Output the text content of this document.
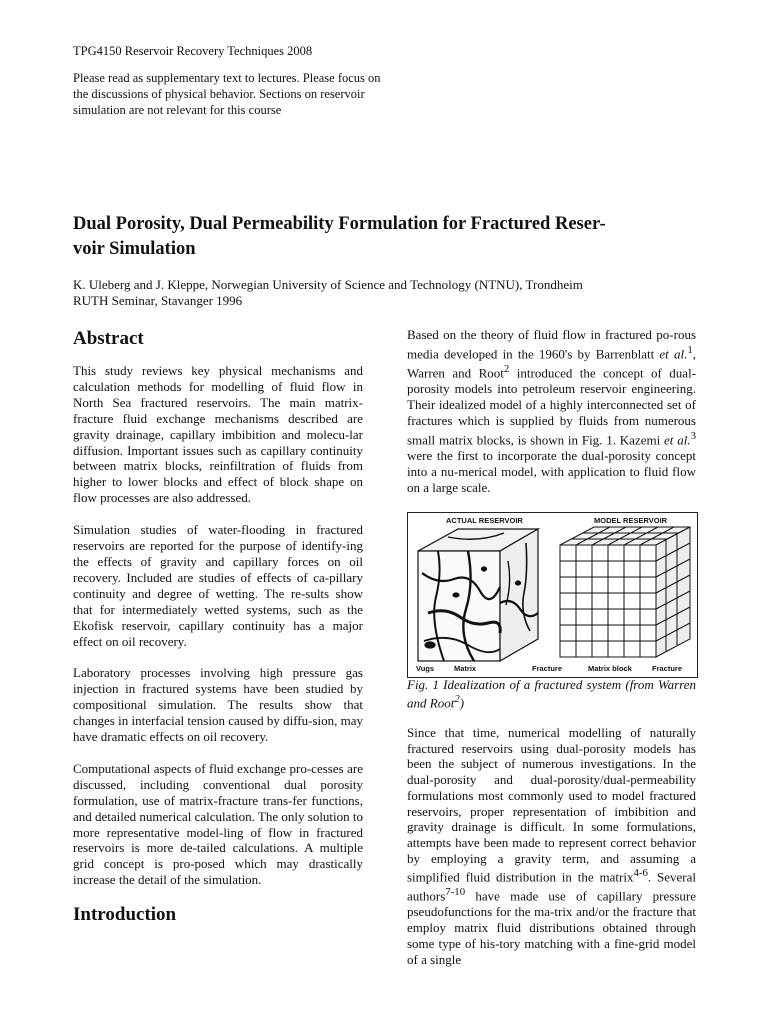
TPG4150 Reservoir Recovery Techniques 2008
Please read as supplementary text to lectures. Please focus on
the discussions of physical behavior. Sections on reservoir
simulation are not relevant for this course
Dual Porosity, Dual Permeability Formulation for Fractured Reser-
voir Simulation
K. Uleberg and J. Kleppe, Norwegian University of Science and Technology (NTNU), Trondheim
RUTH Seminar, Stavanger 1996
Abstract

This study reviews key physical mechanisms and calculation methods for modelling of fluid flow in North Sea fractured reservoirs. The main matrix-fracture fluid exchange mechanisms described are gravity drainage, capillary imbibition and molecu-lar diffusion. Important issues such as capillary continuity between matrix blocks, reinfiltration of fluids from higher to lower blocks and effect of block shape on flow processes are also addressed.

Simulation studies of water-flooding in fractured reservoirs are reported for the purpose of identify-ing the effects of gravity and capillary forces on oil recovery. Included are studies of effects of ca-pillary continuity and degree of wetting. The re-sults show that for intermediately wetted systems, such as the Ekofisk reservoir, capillary continuity has a major effect on oil recovery.

Laboratory processes involving high pressure gas injection in fractured systems have been studied by compositional simulation. The results show that changes in interfacial tension caused by diffu-sion, may have dramatic effects on oil recovery.

Computational aspects of fluid exchange pro-cesses are discussed, including conventional dual porosity formulation, use of matrix-fracture trans-fer functions, and detailed numerical calculation. The only solution to more representative model-ling of flow in fractured reservoirs is more de-tailed calculations. A multiple grid concept is pro-posed which may drastically increase the detail of the simulation.

Introduction

Based on the theory of fluid flow in fractured po-rous media developed in the 1960's by Barrenblatt et al.$^1$, Warren and Root$^2$ introduced the concept of dual-porosity models into petroleum reservoir engineering. Their idealized model of a highly interconnected set of fractures which is supplied by fluids from numerous small matrix blocks, is shown in Fig. 1. Kazemi et al.$^3$ were the first to incorporate the dual-porosity concept into a nu-merical model, with application to fluid flow on a large scale.

ACTUAL RESERVOIR	MODEL RESERVOIR
Vugs	Matrix	Fracture	Matrix block	Fracture
Fig. 1 Idealization of a fractured system (from Warren and Root$^2$)

Since that time, numerical modelling of naturally fractured reservoirs using dual-porosity models has been the subject of numerous investigations. In the dual-porosity and dual-porosity/dual-permeability formulations most commonly used to model fractured reservoirs, proper representation of imbibition and gravity drainage is difficult. In some formulations, attempts have been made to represent correct behavior by employing a gravity term, and assuming a simplified fluid distribution in the matrix$^{4-6}$. Several authors$^{7-10}$ have made use of capillary pressure pseudofunctions for the ma-trix and/or the fracture that employ matrix fluid distributions obtained through some type of his-tory matching with a fine-grid model of a single
